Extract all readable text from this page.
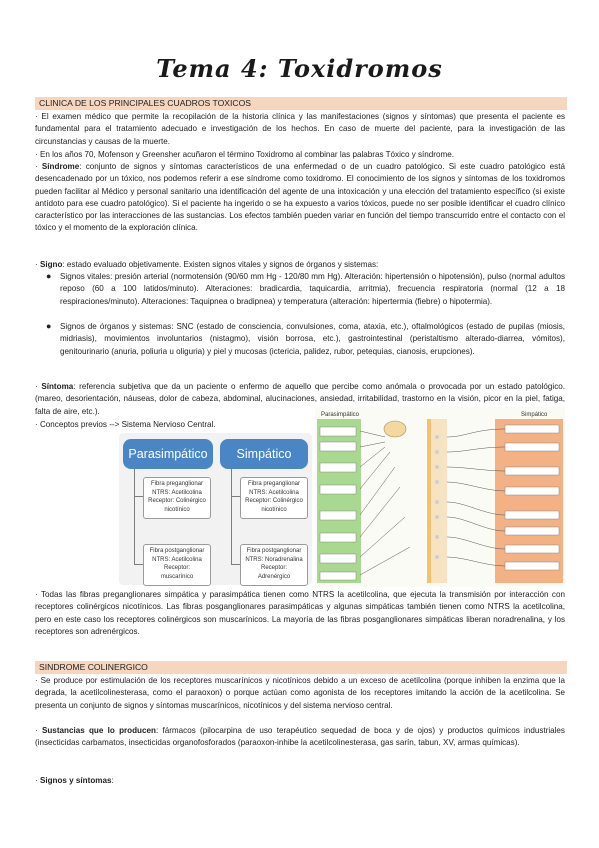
Tema 4: Toxidromos
CLINICA DE LOS PRINCIPALES CUADROS TOXICOS

· El examen médico que permite la recopilación de la historia clínica y las manifestaciones (signos y síntomas) que presenta el paciente es fundamental para el tratamiento adecuado e investigación de los hechos. En caso de muerte del paciente, para la investigación de las circunstancias y causas de la muerte.

· En los años 70, Mofenson y Greensher acuñaron el término Toxidromo al combinar las palabras Tóxico y síndrome.

· Síndrome: conjunto de signos y síntomas característicos de una enfermedad o de un cuadro patológico. Si este cuadro patológico está desencadenado por un tóxico, nos podemos referir a ese síndrome como toxidromo. El conocimiento de los signos y síntomas de los toxidromos pueden facilitar al Médico y personal sanitario una identificación del agente de una intoxicación y una elección del tratamiento específico (si existe antídoto para ese cuadro patológico). Si el paciente ha ingerido o se ha expuesto a varios tóxicos, puede no ser posible identificar el cuadro clínico característico por las interacciones de las sustancias. Los efectos también pueden variar en función del tiempo transcurrido entre el contacto con el tóxico y el momento de la exploración clínica.

· Signo: estado evaluado objetivamente. Existen signos vitales y signos de órganos y sistemas:

● Signos vitales: presión arterial (normotensión (90/60 mm Hg - 120/80 mm Hg). Alteración: hipertensión o hipotensión), pulso (normal adultos reposo (60 a 100 latidos/minuto). Alteraciones: bradicardia, taquicardia, arritmia), frecuencia respiratoria (normal (12 a 18 respiraciones/minuto). Alteraciones: Taquipnea o bradipnea) y temperatura (alteración: hipertermia (fiebre) o hipotermia).

● Signos de órganos y sistemas: SNC (estado de consciencia, convulsiones, coma, ataxia, etc.), oftalmológicos (estado de pupilas (miosis, midriasis), movimientos involuntarios (nistagmo), visión borrosa, etc.), gastrointestinal (peristaltismo alterado-diarrea, vómitos), genitourinario (anuria, poliuria u oliguria) y piel y mucosas (ictericia, palidez, rubor, petequias, cianosis, erupciones).

· Síntoma: referencia subjetiva que da un paciente o enfermo de aquello que percibe como anómala o provocada por un estado patológico. (mareo, desorientación, náuseas, dolor de cabeza, abdominal, alucinaciones, ansiedad, irritabilidad, trastorno en la visión, picor en la piel, fatiga, falta de aire, etc.).

· Conceptos previos --> Sistema Nervioso Central.

Parasimpático	Simpático
Fibra preganglionar
NTRS: Acetilcolina
Receptor: Colinérgico
nicotínico
Fibra postganglionar
NTRS: Acetilcolina
Receptor:
muscarínico
Fibra preganglionar
NTRS: Acetilcolina
Receptor: Colinérgico
nicotínico
Fibra postganglionar
NTRS: Noradrenalina
Receptor:
Adrenérgico
Parasimpático	Simpático

· Todas las fibras preganglionares simpática y parasimpática tienen como NTRS la acetilcolina, que ejecuta la transmisión por interacción con receptores colinérgicos nicotínicos. Las fibras posganglionares parasimpáticas y algunas simpáticas también tienen como NTRS la acetilcolina, pero en este caso los receptores colinérgicos son muscarínicos. La mayoría de las fibras posganglionares simpáticas liberan noradrenalina, y los receptores son adrenérgicos.

SINDROME COLINERGICO

· Se produce por estimulación de los receptores muscarínicos y nicotínicos debido a un exceso de acetilcolina (porque inhiben la enzima que la degrada, la acetilcolinesterasa, como el paraoxon) o porque actúan como agonista de los receptores imitando la acción de la acetilcolina. Se presenta un conjunto de signos y síntomas muscarínicos, nicotínicos y del sistema nervioso central.

· Sustancias que lo producen: fármacos (pilocarpina de uso terapéutico sequedad de boca y de ojos) y productos químicos industriales (insecticidas carbamatos, insecticidas organofosforados (paraoxon-inhibe la acetilcolinesterasa, gas sarín, tabun, XV, armas químicas).

· Signos y síntomas:
